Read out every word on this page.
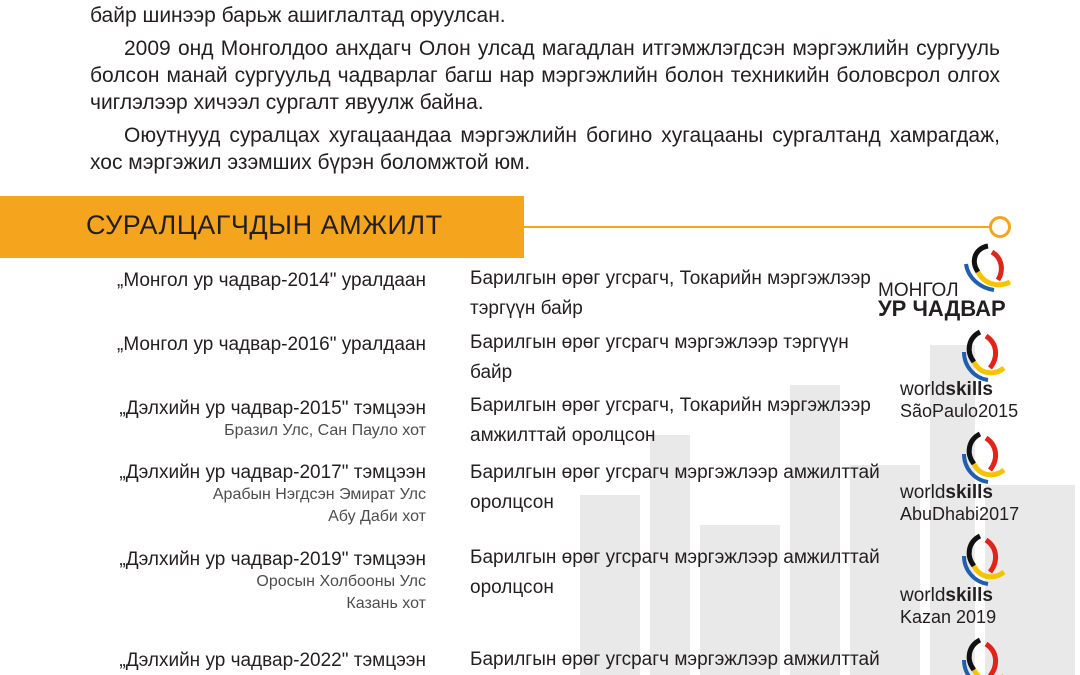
байр шинээр барьж ашиглалтад оруулсан.

2009 онд Монголдоо анхдагч Олон улсад магадлан итгэмжлэгдсэн мэргэжлийн сургууль болсон манай сургуульд чадварлаг багш нар мэргэжлийн болон техникийн боловсрол олгох чиглэлээр хичээл сургалт явуулж байна.

Оюутнууд суралцах хугацаандаа мэргэжлийн богино хугацааны сургалтанд хамрагдаж, хос мэргэжил эзэмших бүрэн боломжтой юм.

СУРАЛЦАГЧДЫН АМЖИЛТ
„Монгол ур чадвар-2014" уралдаан Барилгын өрөг угсрагч, Токарийн мэргэжлээр тэргүүн байр
„Монгол ур чадвар-2016" уралдаан Барилгын өрөг угсрагч мэргэжлээр тэргүүн байр
„Дэлхийн ур чадвар-2015" тэмцээн
Бразил Улс, Сан Пауло хот
Барилгын өрөг угсрагч, Токарийн мэргэжлээр амжилттай оролцсон
„Дэлхийн ур чадвар-2017" тэмцээн
Арабын Нэгдсэн Эмират Улс
Абу Даби хот
Барилгын өрөг угсрагч мэргэжлээр амжилттай оролцсон
„Дэлхийн ур чадвар-2019" тэмцээн
Оросын Холбооны Улс
Казань хот
Барилгын өрөг угсрагч мэргэжлээр амжилттай оролцсон
„Дэлхийн ур чадвар-2022" тэмцээн Барилгын өрөг угсрагч мэргэжлээр амжилттай
МОНГОЛ
УР ЧАДВАР
worldskills
SãoPaulo2015
worldskills
AbuDhabi2017
worldskills
Kazan 2019
